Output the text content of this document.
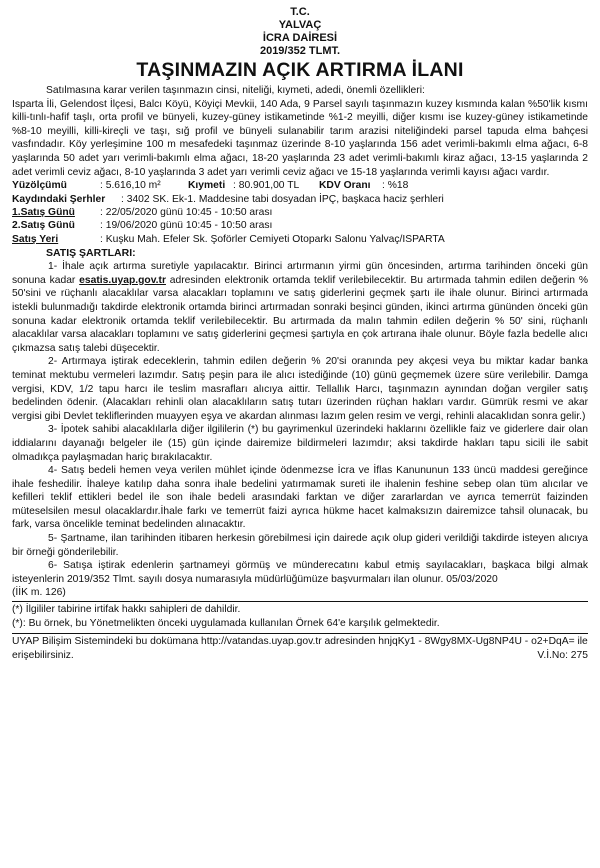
T.C.
YALVAÇ
İCRA DAİRESİ
2019/352 TLMT.
TAŞINMAZIN AÇIK ARTIRMA İLANI

Satılmasına karar verilen taşınmazın cinsi, niteliği, kıymeti, adedi, önemli özellikleri:

Isparta İli, Gelendost İlçesi, Balcı Köyü, Köyiçi Mevkii, 140 Ada, 9 Parsel sayılı taşınmazın kuzey kısmında kalan %50'lik kısmı killi-tınlı-hafif taşlı, orta profil ve bünyeli, kuzey-güney istikametinde %1-2 meyilli, diğer kısmı ise kuzey-güney istikametinde %8-10 meyilli, killi-kireçli ve taşı, sığ profil ve bünyeli sulanabilir tarım arazisi niteliğindeki parsel tapuda elma bahçesi vasfındadır. Köy yerleşimine 100 m mesafedeki taşınmaz üzerinde 8-10 yaşlarında 156 adet verimli-bakımlı elma ağacı, 6-8 yaşlarında 50 adet yarı verimli-bakımlı elma ağacı, 18-20 yaşlarında 23 adet verimli-bakımlı kiraz ağacı, 13-15 yaşlarında 2 adet verimli ceviz ağacı, 8-10 yaşlarında 3 adet yarı verimli ceviz ağacı ve 15-18 yaşlarında verimli kayısı ağacı vardır.

Yüzölçümü	: 5.616,10 m²	Kıymeti : 80.901,00 TL KDV Oranı : %18
Kaydındaki Şerhler : 3402 SK. Ek-1. Maddesine tabi dosyadan İPÇ, başkaca haciz şerhleri
1.Satış Günü : 22/05/2020 günü 10:45 - 10:50 arası
2.Satış Günü : 19/06/2020 günü 10:45 - 10:50 arası
Satış Yeri	: Kuşku Mah. Efeler Sk. Şoförler Cemiyeti Otoparkı Salonu Yalvaç/ISPARTA
SATIŞ ŞARTLARI:

1- İhale açık artırma suretiyle yapılacaktır. Birinci artırmanın yirmi gün öncesinden, artırma tarihinden önceki gün sonuna kadar esatis.uyap.gov.tr adresinden elektronik ortamda teklif verilebilecektir. Bu artırmada tahmin edilen değerin % 50'sini ve rüçhanlı alacaklılar varsa alacakları toplamını ve satış giderlerini geçmek şartı ile ihale olunur. Birinci artırmada istekli bulunmadığı takdirde elektronik ortamda birinci artırmadan sonraki beşinci günden, ikinci artırma gününden önceki gün sonuna kadar elektronik ortamda teklif verilebilecektir. Bu artırmada da malın tahmin edilen değerin % 50' sini, rüçhanlı alacaklılar varsa alacakları toplamını ve satış giderlerini geçmesi şartıyla en çok artırana ihale olunur. Böyle fazla bedelle alıcı çıkmazsa satış talebi düşecektir.

2- Artırmaya iştirak edeceklerin, tahmin edilen değerin % 20'si oranında pey akçesi veya bu miktar kadar banka teminat mektubu vermeleri lazımdır. Satış peşin para ile alıcı istediğinde (10) günü geçmemek üzere süre verilebilir. Damga vergisi, KDV, 1/2 tapu harcı ile teslim masrafları alıcıya aittir. Tellallık Harcı, taşınmazın aynından doğan vergiler satış bedelinden ödenir. (Alacakları rehinli olan alacaklıların satış tutarı üzerinden rüçhan hakları vardır. Gümrük resmi ve akar vergisi gibi Devlet tekliflerinden muayyen eşya ve akardan alınması lazım gelen resim ve vergi, rehinli alacaklıdan sonra gelir.)

3- İpotek sahibi alacaklılarla diğer ilgililerin (*) bu gayrimenkul üzerindeki haklarını özellikle faiz ve giderlere dair olan iddialarını dayanağı belgeler ile (15) gün içinde dairemize bildirmeleri lazımdır; aksi takdirde hakları tapu sicili ile sabit olmadıkça paylaşmadan hariç bırakılacaktır.

4- Satış bedeli hemen veya verilen mühlet içinde ödenmezse İcra ve İflas Kanununun 133 üncü maddesi gereğince ihale feshedilir. İhaleye katılıp daha sonra ihale bedelini yatırmamak sureti ile ihalenin feshine sebep olan tüm alıcılar ve kefilleri teklif ettikleri bedel ile son ihale bedeli arasındaki farktan ve diğer zararlardan ve ayrıca temerrüt faizinden müteselsilen mesul olacaklardır.İhale farkı ve temerrüt faizi ayrıca hükme hacet kalmaksızın dairemizce tahsil olunacak, bu fark, varsa öncelikle teminat bedelinden alınacaktır.

5- Şartname, ilan tarihinden itibaren herkesin görebilmesi için dairede açık olup gideri verildiği takdirde isteyen alıcıya bir örneği gönderilebilir.

6- Satışa iştirak edenlerin şartnameyi görmüş ve münderecatını kabul etmiş sayılacakları, başkaca bilgi almak isteyenlerin 2019/352 Tlmt. sayılı dosya numarasıyla müdürlüğümüze başvurmaları ilan olunur. 05/03/2020

(İİK m. 126)
(*) İlgililer tabirine irtifak hakkı sahipleri de dahildir.
(*): Bu örnek, bu Yönetmelikten önceki uygulamada kullanılan Örnek 64'e karşılık gelmektedir.
UYAP Bilişim Sistemindeki bu dokümana http://vatandas.uyap.gov.tr adresinden hnjqKy1 - 8Wgy8MX-Ug8NP4U - o2+DqA= ile erişebilirsiniz.	V.İ.No: 275
